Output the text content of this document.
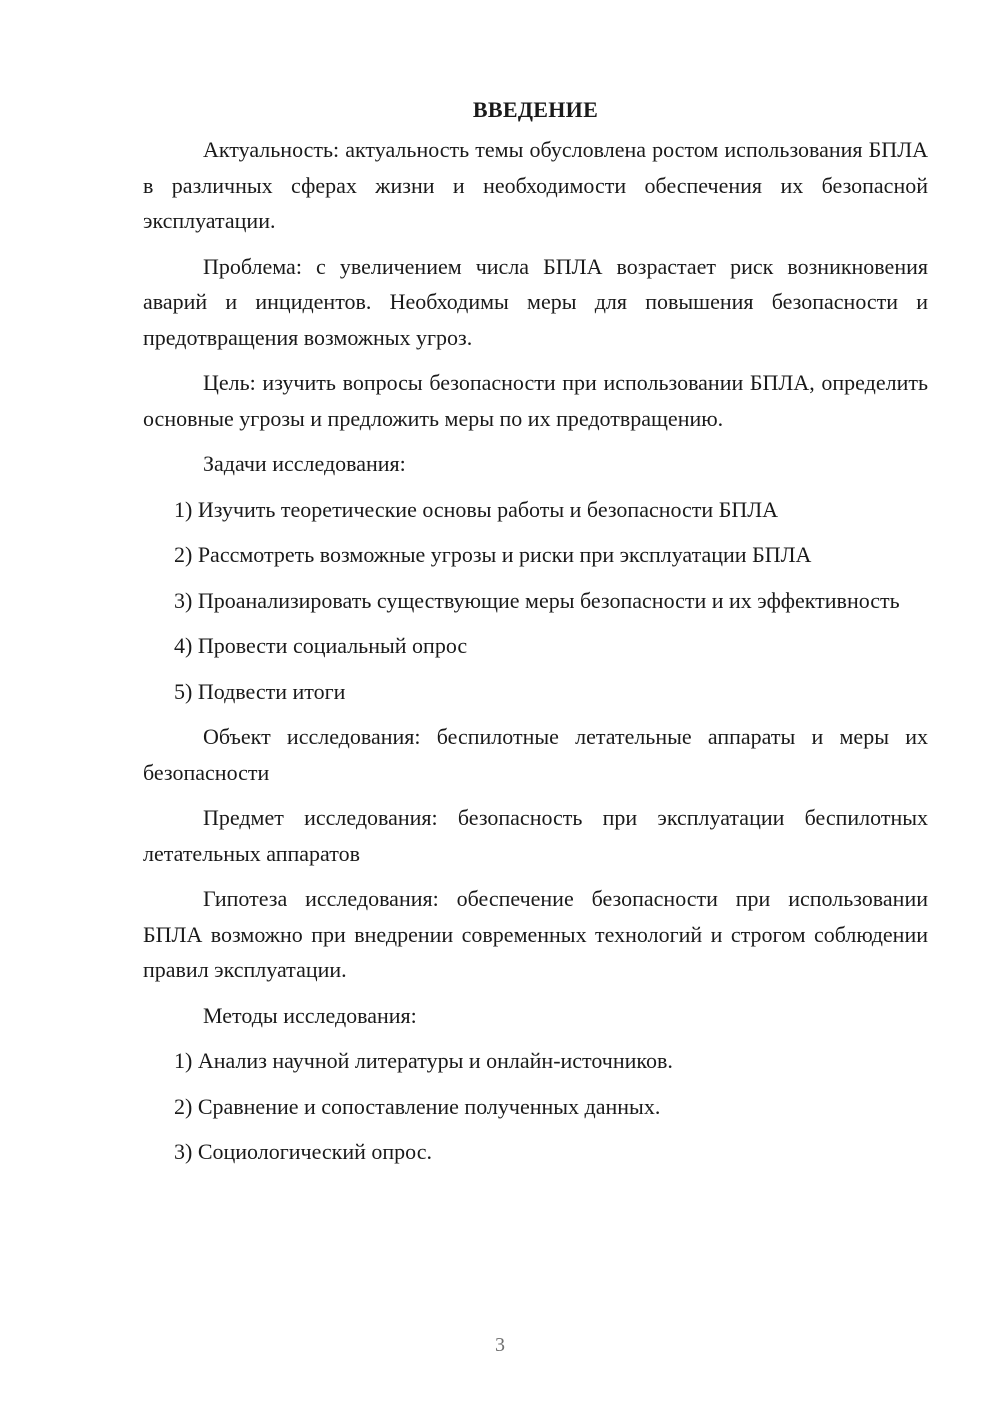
ВВЕДЕНИЕ

Актуальность: актуальность темы обусловлена ростом использования БПЛА в различных сферах жизни и необходимости обеспечения их безопасной эксплуатации.

Проблема: с увеличением числа БПЛА возрастает риск возникновения аварий и инцидентов. Необходимы меры для повышения безопасности и предотвращения возможных угроз.

Цель: изучить вопросы безопасности при использовании БПЛА, определить основные угрозы и предложить меры по их предотвращению.

Задачи исследования:

1) Изучить теоретические основы работы и безопасности БПЛА

2) Рассмотреть возможные угрозы и риски при эксплуатации БПЛА

3) Проанализировать существующие меры безопасности и их эффективность

4) Провести социальный опрос

5) Подвести итоги

Объект исследования: беспилотные летательные аппараты и меры их безопасности

Предмет исследования: безопасность при эксплуатации беспилотных летательных аппаратов

Гипотеза исследования: обеспечение безопасности при использовании БПЛА возможно при внедрении современных технологий и строгом соблюдении правил эксплуатации.

Методы исследования:

1) Анализ научной литературы и онлайн-источников.

2) Сравнение и сопоставление полученных данных.

3) Социологический опрос.

3
